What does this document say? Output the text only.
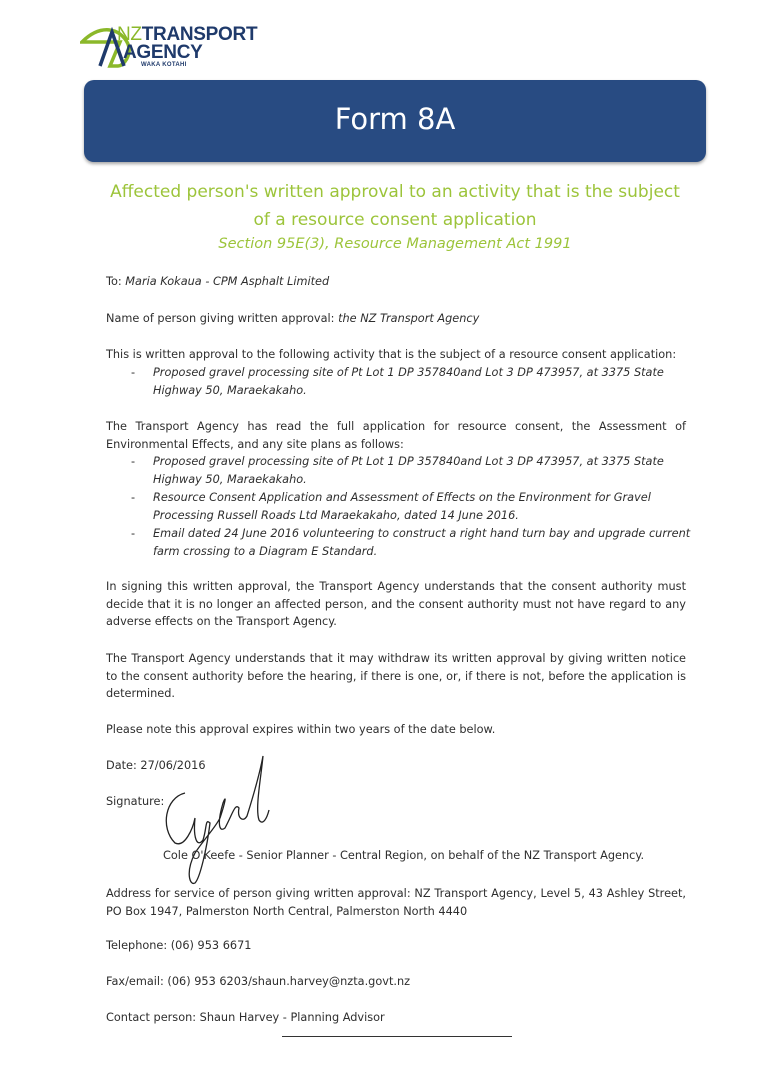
NZTRANSPORT
AGENCY
WAKA KOTAHI
Form 8A
Affected person's written approval to an activity that is the subject
of a resource consent application
Section 95E(3), Resource Management Act 1991
To: Maria Kokaua - CPM Asphalt Limited
Name of person giving written approval: the NZ Transport Agency
This is written approval to the following activity that is the subject of a resource consent application:
- Proposed gravel processing site of Pt Lot 1 DP 357840and Lot 3 DP 473957, at 3375 State Highway 50, Maraekakaho.
The Transport Agency has read the full application for resource consent, the Assessment of Environmental Effects, and any site plans as follows:
- Proposed gravel processing site of Pt Lot 1 DP 357840and Lot 3 DP 473957, at 3375 State Highway 50, Maraekakaho.
- Resource Consent Application and Assessment of Effects on the Environment for Gravel Processing Russell Roads Ltd Maraekakaho, dated 14 June 2016.
- Email dated 24 June 2016 volunteering to construct a right hand turn bay and upgrade current farm crossing to a Diagram E Standard.
In signing this written approval, the Transport Agency understands that the consent authority must decide that it is no longer an affected person, and the consent authority must not have regard to any adverse effects on the Transport Agency.
The Transport Agency understands that it may withdraw its written approval by giving written notice to the consent authority before the hearing, if there is one, or, if there is not, before the application is determined.
Please note this approval expires within two years of the date below.
Date: 27/06/2016
Signature:
Cole O'Keefe - Senior Planner - Central Region, on behalf of the NZ Transport Agency.
Address for service of person giving written approval: NZ Transport Agency, Level 5, 43 Ashley Street, PO Box 1947, Palmerston North Central, Palmerston North 4440
Telephone: (06) 953 6671
Fax/email: (06) 953 6203/shaun.harvey@nzta.govt.nz
Contact person: Shaun Harvey - Planning Advisor
